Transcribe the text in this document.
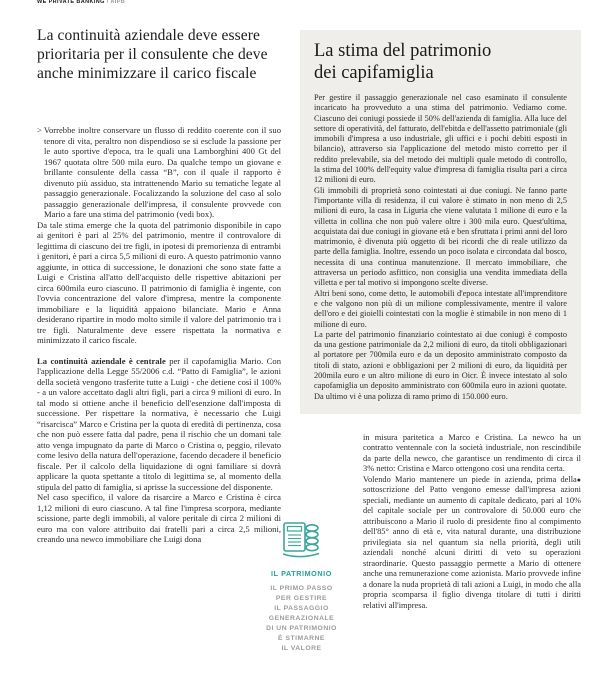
WE PRIVATE BANKING / AIPB
La continuità aziendale deve essere prioritaria per il consulente che deve anche minimizzare il carico fiscale

> Vorrebbe inoltre conservare un flusso di reddito coerente con il suo tenore di vita, peraltro non dispendioso se si esclude la passione per le auto sportive d'epoca, tra le quali una Lamborghini 400 Gt del 1967 quotata oltre 500 mila euro. Da qualche tempo un giovane e brillante consulente della cassa “B”, con il quale il rapporto è divenuto più assiduo, sta intrattenendo Mario su tematiche legate al passaggio generazionale. Focalizzando la soluzione del caso al solo passaggio generazionale dell'impresa, il consulente provvede con Mario a fare una stima del patrimonio (vedi box).

Da tale stima emerge che la quota del patrimonio disponibile in capo ai genitori è pari al 25% del patrimonio, mentre il controvalore di legittima di ciascuno dei tre figli, in ipotesi di premorienza di entrambi i genitori, è pari a circa 5,5 milioni di euro. A questo patrimonio vanno aggiunte, in ottica di successione, le donazioni che sono state fatte a Luigi e Cristina all'atto dell'acquisto delle rispettive abitazioni per circa 600mila euro ciascuno. Il patrimonio di famiglia è ingente, con l'ovvia concentrazione del valore d'impresa, mentre la componente immobiliare e la liquidità appaiono bilanciate. Mario e Anna desiderano ripartire in modo molto simile il valore del patrimonio tra i tre figli. Naturalmente deve essere rispettata la normativa e minimizzato il carico fiscale.

La continuità aziendale è centrale per il capofamiglia Mario. Con l'applicazione della Legge 55/2006 c.d. “Patto di Famiglia”, le azioni della società vengono trasferite tutte a Luigi - che detiene così il 100% - a un valore accettato dagli altri figli, pari a circa 9 milioni di euro. In tal modo si ottiene anche il beneficio dell'esenzione dall'imposta di successione. Per rispettare la normativa, è necessario che Luigi “risarcisca” Marco e Cristina per la quota di eredità di pertinenza, cosa che non può essere fatta dal padre, pena il rischio che un domani tale atto venga impugnato da parte di Marco o Cristina o, peggio, rilevato come lesivo della natura dell'operazione, facendo decadere il beneficio fiscale. Per il calcolo della liquidazione di ogni familiare si dovrà applicare la quota spettante a titolo di legittima se, al momento della stipula del patto di famiglia, si aprisse la successione del disponente.

Nel caso specifico, il valore da risarcire a Marco e Cristina è circa 1,12 milioni di euro ciascuno. A tal fine l'impresa scorpora, mediante scissione, parte degli immobili, al valore peritale di circa 2 milioni di euro ma con valore attribuito dai fratelli pari a circa 2,5 milioni, creando una newco immobiliare che Luigi dona

La stima del patrimonio dei capifamiglia

Per gestire il passaggio generazionale nel caso esaminato il consulente incaricato ha provveduto a una stima del patrimonio. Vediamo come. Ciascuno dei coniugi possiede il 50% dell'azienda di famiglia. Alla luce del settore di operatività, del fatturato, dell'ebitda e dell'assetto patrimoniale (gli immobili d'impresa a uso industriale, gli uffici e i pochi debiti esposti in bilancio), attraverso sia l'applicazione del metodo misto corretto per il reddito prelevabile, sia del metodo dei multipli quale metodo di controllo, la stima del 100% dell'equity value d'impresa di famiglia risulta pari a circa 12 milioni di euro.

Gli immobili di proprietà sono cointestati ai due coniugi. Ne fanno parte l'importante villa di residenza, il cui valore è stimato in non meno di 2,5 milioni di euro, la casa in Liguria che viene valutata 1 milione di euro e la villetta in collina che non può valere oltre i 300 mila euro. Quest'ultima, acquistata dai due coniugi in giovane età e ben sfruttata i primi anni del loro matrimonio, è divenuta più oggetto di bei ricordi che di reale utilizzo da parte della famiglia. Inoltre, essendo un poco isolata e circondata dal bosco, necessita di una continua manutenzione. Il mercato immobiliare, che attraversa un periodo asfittico, non consiglia una vendita immediata della villetta e per tal motivo si impongono scelte diverse.

Altri beni sono, come detto, le automobili d'epoca intestate all'imprenditore e che valgono non più di un milione complessivamente, mentre il valore dell'oro e dei gioielli cointestati con la moglie è stimabile in non meno di 1 milione di euro.

La parte del patrimonio finanziario cointestato ai due coniugi è composto da una gestione patrimoniale da 2,2 milioni di euro, da titoli obbligazionari al portatore per 700mila euro e da un deposito amministrato composto da titoli di stato, azioni e obbligazioni per 2 milioni di euro, da liquidità per 200mila euro e un altro milione di euro in Oicr. È invece intestato al solo capofamiglia un deposito amministrato con 600mila euro in azioni quotate. Da ultimo vi è una polizza di ramo primo di 150.000 euro.

in misura paritetica a Marco e Cristina. La newco ha un contratto ventennale con la società industriale, non rescindibile da parte della newco, che garantisce un rendimento di circa il 3% netto: Cristina e Marco ottengono così una rendita certa.

●
Volendo Mario mantenere un piede in azienda, prima della sottoscrizione del Patto vengono emesse dall'impresa azioni speciali, mediante un aumento di capitale dedicato, pari al 10% del capitale sociale per un controvalore di 50.000 euro che attribuiscono a Mario il ruolo di presidente fino al compimento dell'85° anno di età e, vita natural durante, una distribuzione privilegiata sia nel quantum sia nella priorità, degli utili aziendali nonché alcuni diritti di veto su operazioni straordinarie. Questo passaggio permette a Mario di ottenere anche una remunerazione come azionista. Mario provvede infine a donare la nuda proprietà di tali azioni a Luigi, in modo che alla propria scomparsa il figlio divenga titolare di tutti i diritti relativi all'impresa.

IL PATRIMONIO
IL PRIMO PASSO
PER GESTIRE
IL PASSAGGIO
GENERAZIONALE
DI UN PATRIMONIO
È STIMARNE
IL VALORE
